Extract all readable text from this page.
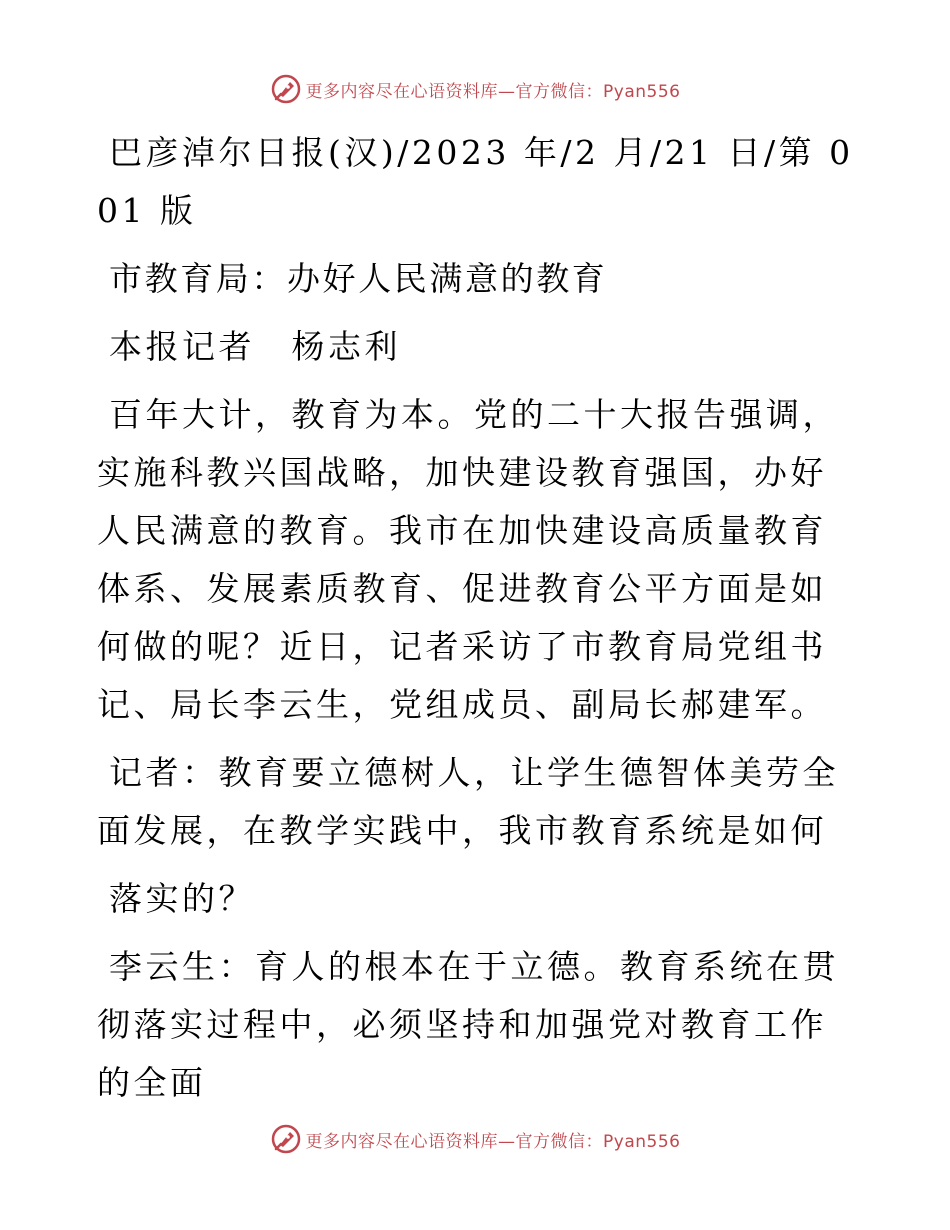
更多内容尽在心语资料库—官方微信：Pyan556

巴彦淖尔日报(汉)/2023 年/2 月/21 日/第 001 版

市教育局：办好人民满意的教育

本报记者　杨志利

百年大计，教育为本。党的二十大报告强调，实施科教兴国战略，加快建设教育强国，办好人民满意的教育。我市在加快建设高质量教育体系、发展素质教育、促进教育公平方面是如何做的呢？近日，记者采访了市教育局党组书记、局长李云生，党组成员、副局长郝建军。

记者：教育要立德树人，让学生德智体美劳全面发展，在教学实践中，我市教育系统是如何

落实的？

李云生：育人的根本在于立德。教育系统在贯彻落实过程中，必须坚持和加强党对教育工作的全面

更多内容尽在心语资料库—官方微信：Pyan556
